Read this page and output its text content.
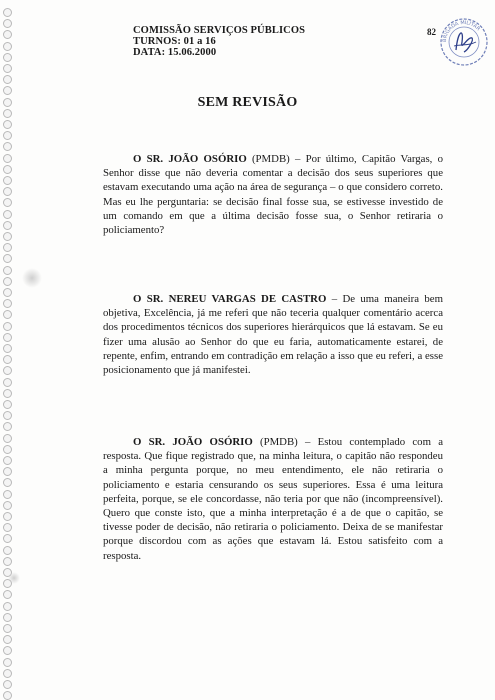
COMISSÃO SERVIÇOS PÚBLICOS
TURNOS: 01 a 16
DATA: 15.06.2000
82
BRIGADA MILITAR
SEM REVISÃO

O SR. JOÃO OSÓRIO (PMDB) – Por último, Capitão Vargas, o Senhor disse que não deveria comentar a decisão dos seus superiores que estavam executando uma ação na área de segurança – o que considero correto. Mas eu lhe perguntaria: se decisão final fosse sua, se estivesse investido de um comando em que a última decisão fosse sua, o Senhor retiraria o policiamento?

O SR. NEREU VARGAS DE CASTRO – De uma maneira bem objetiva, Excelência, já me referi que não teceria qualquer comentário acerca dos procedimentos técnicos dos superiores hierárquicos que lá estavam. Se eu fizer uma alusão ao Senhor do que eu faria, automaticamente estarei, de repente, enfim, entrando em contradição em relação a isso que eu referi, a esse posicionamento que já manifestei.

O SR. JOÃO OSÓRIO (PMDB) – Estou contemplado com a resposta. Que fique registrado que, na minha leitura, o capitão não respondeu a minha pergunta porque, no meu entendimento, ele não retiraria o policiamento e estaria censurando os seus superiores. Essa é uma leitura perfeita, porque, se ele concordasse, não teria por que não (incompreensível). Quero que conste isto, que a minha interpretação é a de que o capitão, se tivesse poder de decisão, não retiraria o policiamento. Deixa de se manifestar porque discordou com as ações que estavam lá. Estou satisfeito com a resposta.
